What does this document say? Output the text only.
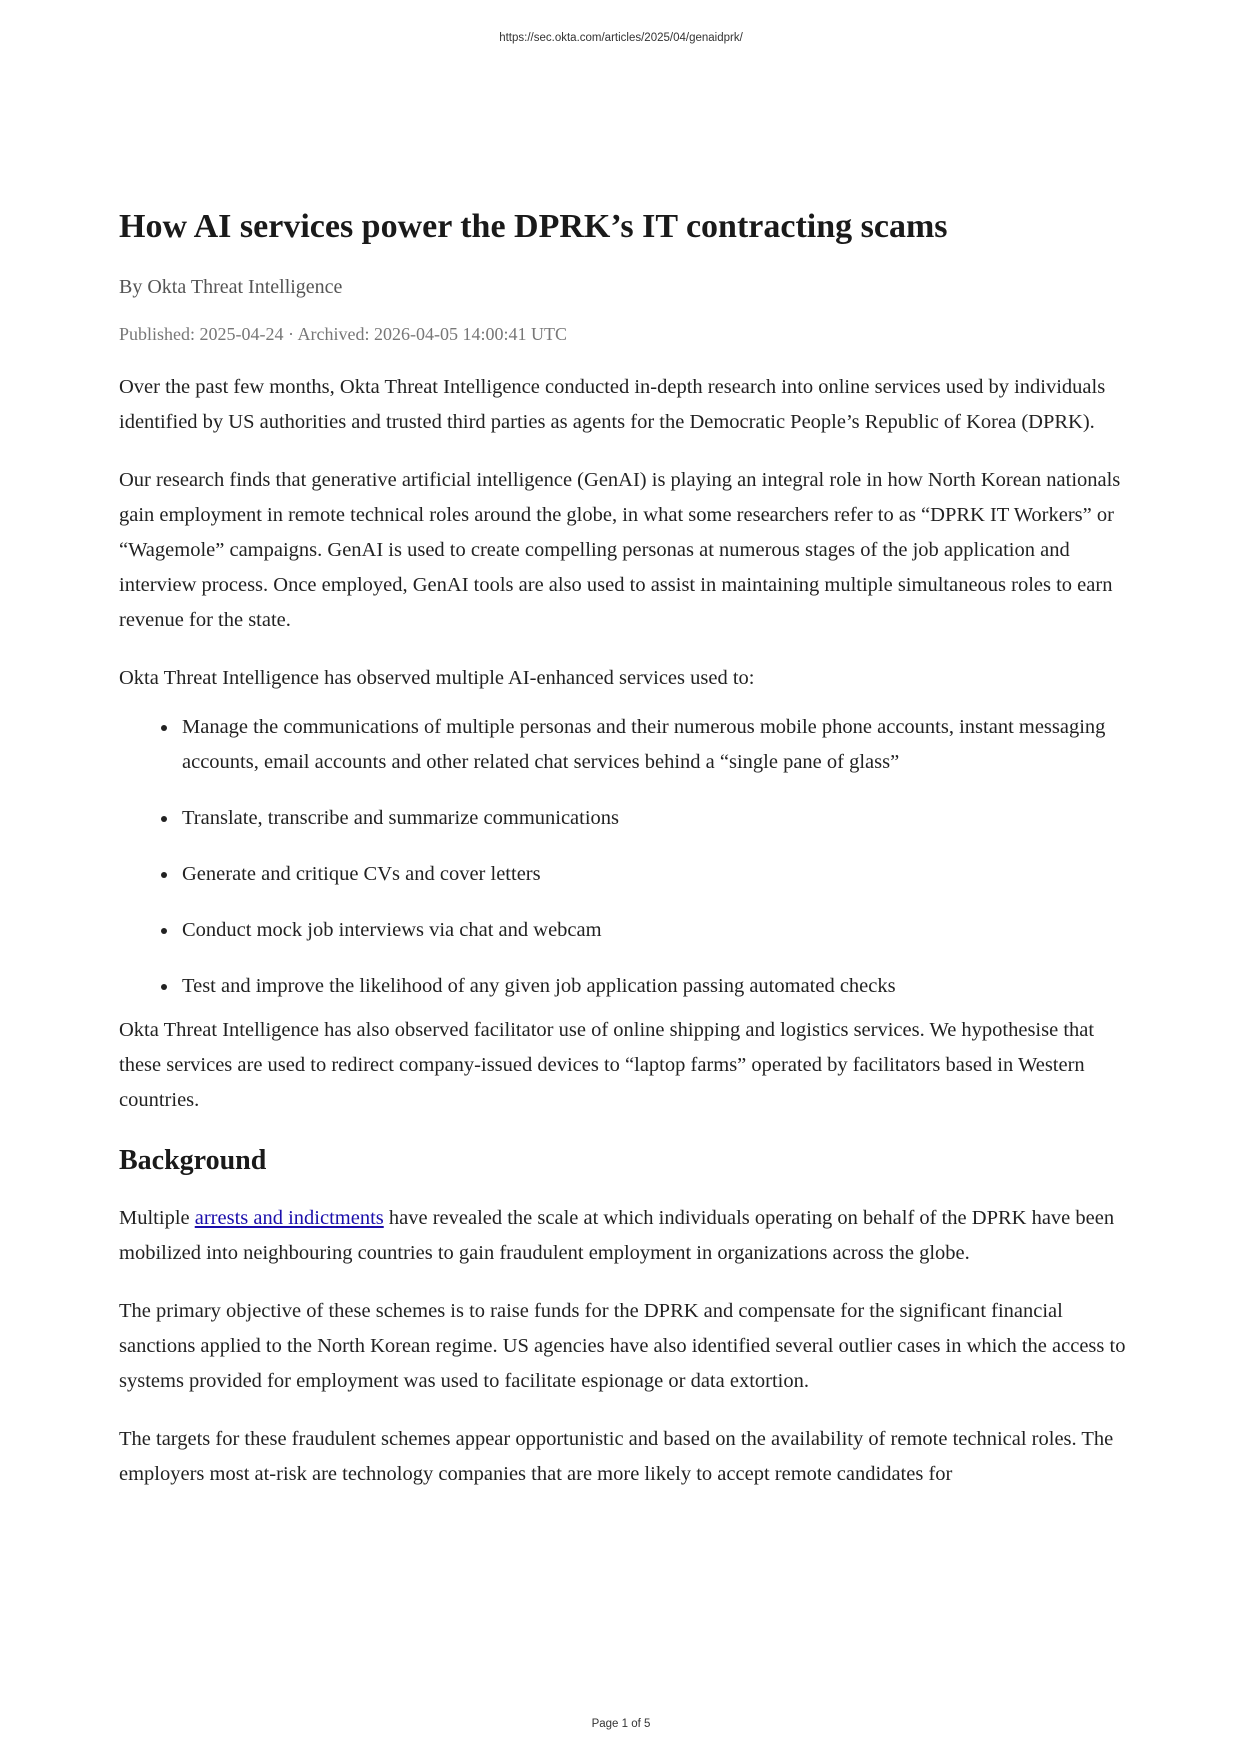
https://sec.okta.com/articles/2025/04/genaidprk/
How AI services power the DPRK’s IT contracting scams
By Okta Threat Intelligence
Published: 2025-04-24 · Archived: 2026-04-05 14:00:41 UTC

Over the past few months, Okta Threat Intelligence conducted in-depth research into online services used by individuals identified by US authorities and trusted third parties as agents for the Democratic People’s Republic of Korea (DPRK).

Our research finds that generative artificial intelligence (GenAI) is playing an integral role in how North Korean nationals gain employment in remote technical roles around the globe, in what some researchers refer to as “DPRK IT Workers” or “Wagemole” campaigns. GenAI is used to create compelling personas at numerous stages of the job application and interview process. Once employed, GenAI tools are also used to assist in maintaining multiple simultaneous roles to earn revenue for the state.

Okta Threat Intelligence has observed multiple AI-enhanced services used to:

Manage the communications of multiple personas and their numerous mobile phone accounts, instant messaging accounts, email accounts and other related chat services behind a “single pane of glass”
Translate, transcribe and summarize communications
Generate and critique CVs and cover letters
Conduct mock job interviews via chat and webcam
Test and improve the likelihood of any given job application passing automated checks

Okta Threat Intelligence has also observed facilitator use of online shipping and logistics services. We hypothesise that these services are used to redirect company-issued devices to “laptop farms” operated by facilitators based in Western countries.

Background

Multiple arrests and indictments have revealed the scale at which individuals operating on behalf of the DPRK have been mobilized into neighbouring countries to gain fraudulent employment in organizations across the globe.

The primary objective of these schemes is to raise funds for the DPRK and compensate for the significant financial sanctions applied to the North Korean regime. US agencies have also identified several outlier cases in which the access to systems provided for employment was used to facilitate espionage or data extortion.

The targets for these fraudulent schemes appear opportunistic and based on the availability of remote technical roles. The employers most at-risk are technology companies that are more likely to accept remote candidates for

Page 1 of 5
